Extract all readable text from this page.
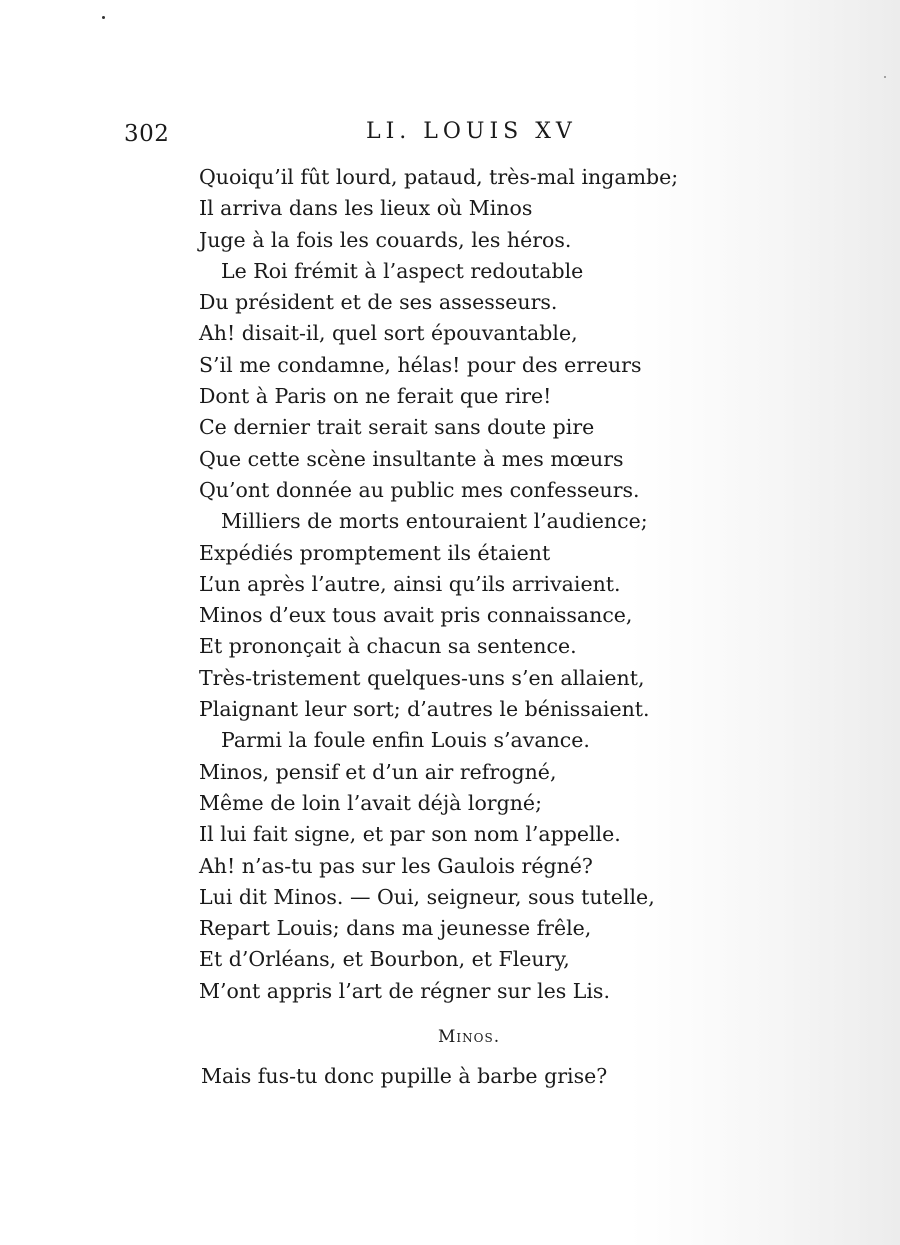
302	LI. LOUIS XV
Quoiqu’il fût lourd, pataud, très-mal ingambe;
Il arriva dans les lieux où Minos
Juge à la fois les couards, les héros.
Le Roi frémit à l’aspect redoutable
Du président et de ses assesseurs.
Ah! disait-il, quel sort épouvantable,
S’il me condamne, hélas! pour des erreurs
Dont à Paris on ne ferait que rire!
Ce dernier trait serait sans doute pire
Que cette scène insultante à mes mœurs
Qu’ont donnée au public mes confesseurs.
Milliers de morts entouraient l’audience;
Expédiés promptement ils étaient
L’un après l’autre, ainsi qu’ils arrivaient.
Minos d’eux tous avait pris connaissance,
Et prononçait à chacun sa sentence.
Très-tristement quelques-uns s’en allaient,
Plaignant leur sort; d’autres le bénissaient.
Parmi la foule enfin Louis s’avance.
Minos, pensif et d’un air refrogné,
Même de loin l’avait déjà lorgné;
Il lui fait signe, et par son nom l’appelle.
Ah! n’as-tu pas sur les Gaulois régné?
Lui dit Minos. — Oui, seigneur, sous tutelle,
Repart Louis; dans ma jeunesse frêle,
Et d’Orléans, et Bourbon, et Fleury,
M’ont appris l’art de régner sur les Lis.
Minos.
Mais fus-tu donc pupille à barbe grise?
